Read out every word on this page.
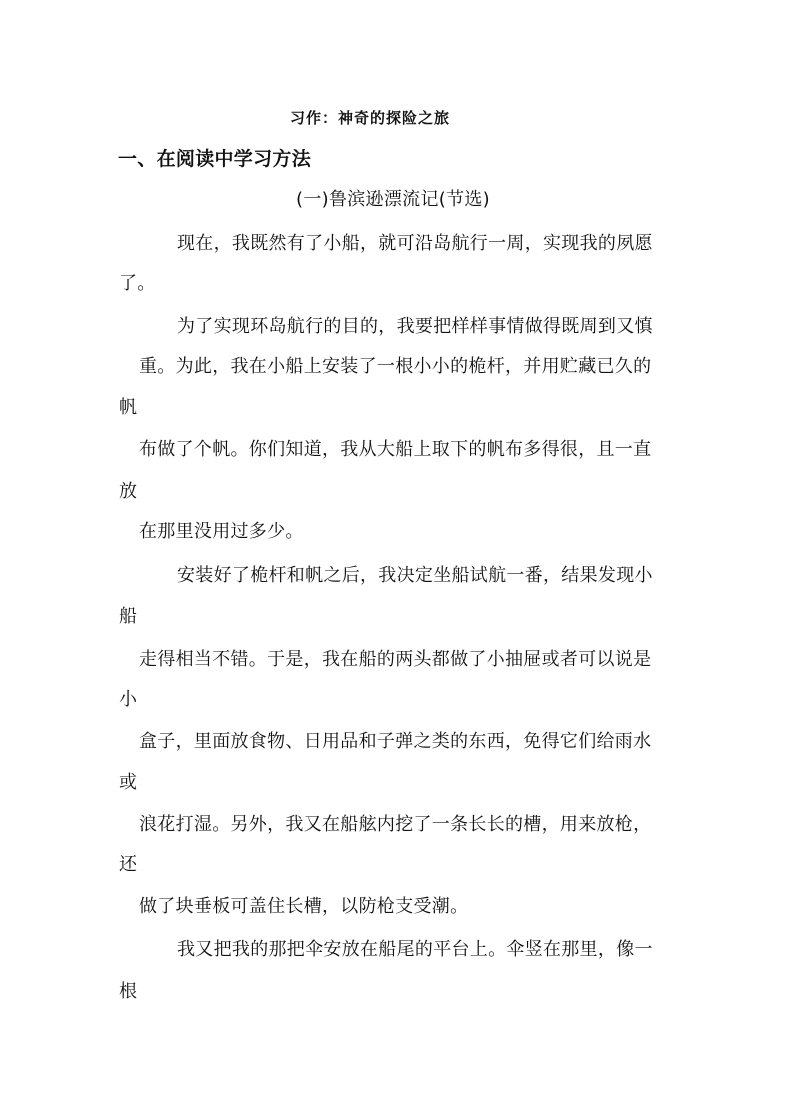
习作：神奇的探险之旅
一、在阅读中学习方法
(一)鲁滨逊漂流记(节选)
现在，我既然有了小船，就可沿岛航行一周，实现我的夙愿
了。
为了实现环岛航行的目的，我要把样样事情做得既周到又慎
重。为此，我在小船上安装了一根小小的桅杆，并用贮藏已久的
帆
布做了个帆。你们知道，我从大船上取下的帆布多得很，且一直
放
在那里没用过多少。
安装好了桅杆和帆之后，我决定坐船试航一番，结果发现小
船
走得相当不错。于是，我在船的两头都做了小抽屉或者可以说是
小
盒子，里面放食物、日用品和子弹之类的东西，免得它们给雨水
或
浪花打湿。另外，我又在船舷内挖了一条长长的槽，用来放枪，
还
做了块垂板可盖住长槽，以防枪支受潮。
我又把我的那把伞安放在船尾的平台上。伞竖在那里，像一
根
